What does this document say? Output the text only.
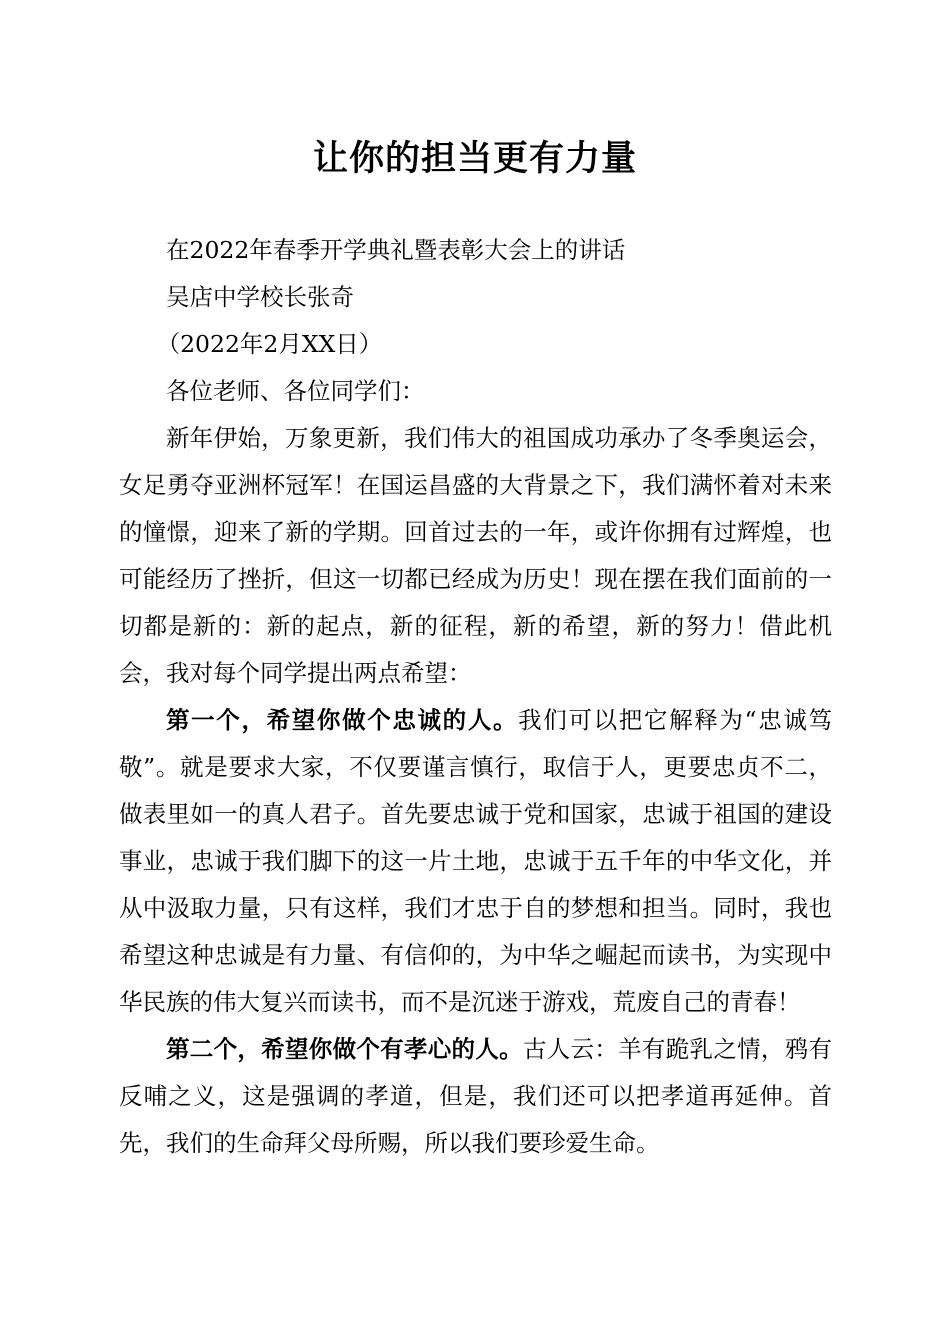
让你的担当更有力量

在2022年春季开学典礼暨表彰大会上的讲话

吴店中学校长张奇

（2022年2月XX日）

各位老师、各位同学们：

新年伊始，万象更新，我们伟大的祖国成功承办了冬季奥运会，女足勇夺亚洲杯冠军！在国运昌盛的大背景之下，我们满怀着对未来的憧憬，迎来了新的学期。回首过去的一年，或许你拥有过辉煌，也可能经历了挫折，但这一切都已经成为历史！现在摆在我们面前的一切都是新的：新的起点，新的征程，新的希望，新的努力！借此机会，我对每个同学提出两点希望：

第一个，希望你做个忠诚的人。我们可以把它解释为“忠诚笃敬”。就是要求大家，不仅要谨言慎行，取信于人，更要忠贞不二，做表里如一的真人君子。首先要忠诚于党和国家，忠诚于祖国的建设事业，忠诚于我们脚下的这一片土地，忠诚于五千年的中华文化，并从中汲取力量，只有这样，我们才忠于自的梦想和担当。同时，我也希望这种忠诚是有力量、有信仰的，为中华之崛起而读书，为实现中华民族的伟大复兴而读书，而不是沉迷于游戏，荒废自己的青春！

第二个，希望你做个有孝心的人。古人云：羊有跪乳之情，鸦有反哺之义，这是强调的孝道，但是，我们还可以把孝道再延伸。首先，我们的生命拜父母所赐，所以我们要珍爱生命。
